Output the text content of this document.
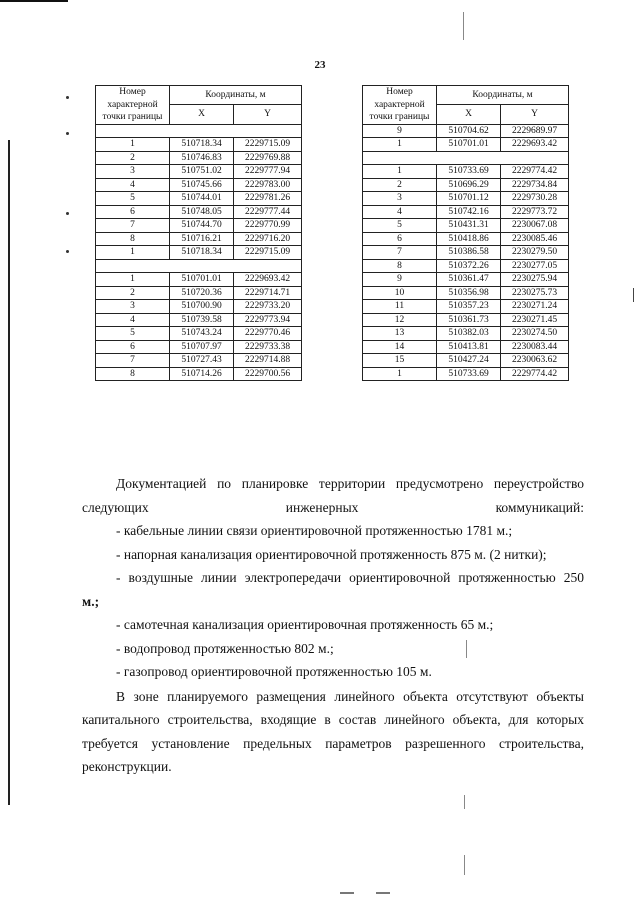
23
Номер характерной точки границы	Координаты, м	
	X	Y

1	510718.34	2229715.09
2	510746.83	2229769.88
3	510751.02	2229777.94
4	510745.66	2229783.00
5	510744.01	2229781.26
6	510748.05	2229777.44
7	510744.70	2229770.99
8	510716.21	2229716.20
1	510718.34	2229715.09

1	510701.01	2229693.42
2	510720.36	2229714.71
3	510700.90	2229733.20
4	510739.58	2229773.94
5	510743.24	2229770.46
6	510707.97	2229733.38
7	510727.43	2229714.88
8	510714.26	2229700.56
Номер характерной точки границы	Координаты, м	
	X	Y
9	510704.62	2229689.97
1	510701.01	2229693.42

1	510733.69	2229774.42
2	510696.29	2229734.84
3	510701.12	2229730.28
4	510742.16	2229773.72
5	510431.31	2230067.08
6	510418.86	2230085.46
7	510386.58	2230279.50
8	510372.26	2230277.05
9	510361.47	2230275.94
10	510356.98	2230275.73
11	510357.23	2230271.24
12	510361.73	2230271.45
13	510382.03	2230274.50
14	510413.81	2230083.44
15	510427.24	2230063.62
1	510733.69	2229774.42

Документацией по планировке территории предусмотрено переустройство следующих инженерных коммуникаций:

- кабельные линии связи ориентировочной протяженностью 1781 м.;

- напорная канализация ориентировочной протяженность 875 м. (2 нитки);

- воздушные линии электропередачи ориентировочной протяженностью 250

м.;

- самотечная канализация ориентировочная протяженность 65 м.;

- водопровод протяженностью 802 м.;

- газопровод ориентировочной протяженностью 105 м.

В зоне планируемого размещения линейного объекта отсутствуют объекты капитального строительства, входящие в состав линейного объекта, для которых требуется установление предельных параметров разрешенного строительства, реконструкции.
